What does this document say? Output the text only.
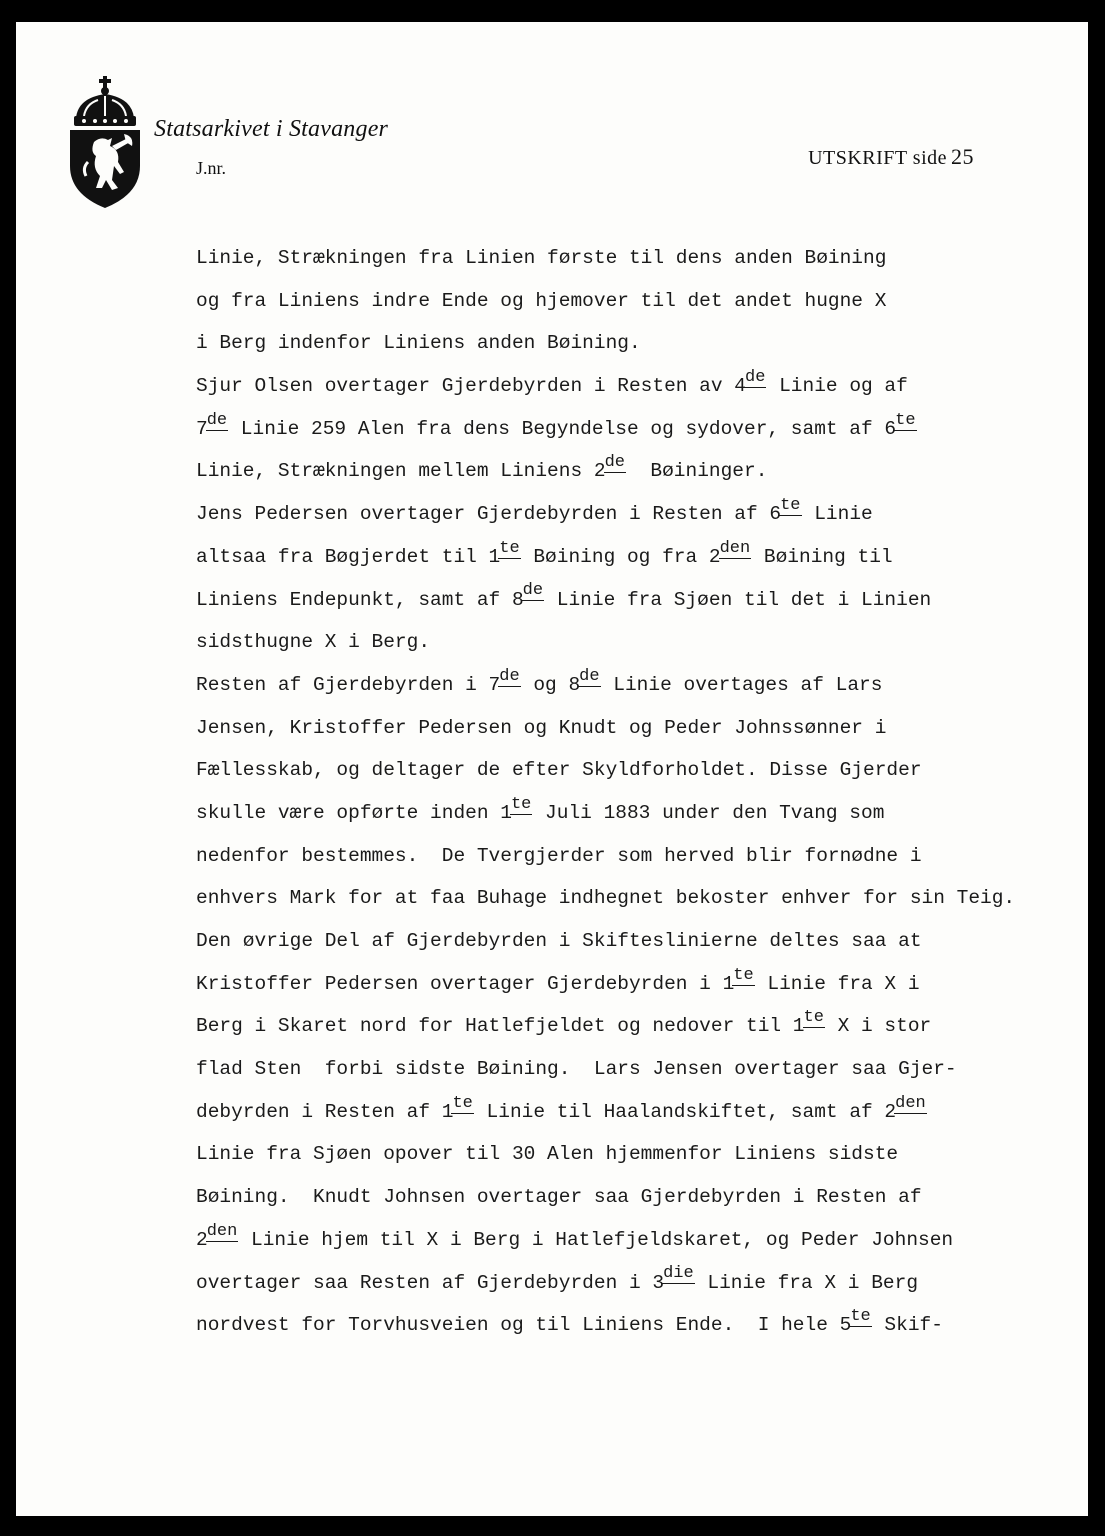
Statsarkivet i Stavanger
J.nr.	UTSKRIFT side 25
Linie, Strækningen fra Linien første til dens anden Bøining
og fra Liniens indre Ende og hjemover til det andet hugne X
i Berg indenfor Liniens anden Bøining.
Sjur Olsen overtager Gjerdebyrden i Resten av 4de Linie og af
7de Linie 259 Alen fra dens Begyndelse og sydover, samt af 6te
Linie, Strækningen mellem Liniens 2de  Bøininger.
Jens Pedersen overtager Gjerdebyrden i Resten af 6te Linie
altsaa fra Bøgjerdet til 1te Bøining og fra 2den Bøining til
Liniens Endepunkt, samt af 8de Linie fra Sjøen til det i Linien
sidsthugne X i Berg.
Resten af Gjerdebyrden i 7de og 8de Linie overtages af Lars
Jensen, Kristoffer Pedersen og Knudt og Peder Johnssønner i
Fællesskab, og deltager de efter Skyldforholdet. Disse Gjerder
skulle være opførte inden 1te Juli 1883 under den Tvang som
nedenfor bestemmes.  De Tvergjerder som herved blir fornødne i
enhvers Mark for at faa Buhage indhegnet bekoster enhver for sin Teig.
Den øvrige Del af Gjerdebyrden i Skifteslinierne deltes saa at
Kristoffer Pedersen overtager Gjerdebyrden i 1te Linie fra X i
Berg i Skaret nord for Hatlefjeldet og nedover til 1te X i stor
flad Sten  forbi sidste Bøining.  Lars Jensen overtager saa Gjer-
debyrden i Resten af 1te Linie til Haalandskiftet, samt af 2den
Linie fra Sjøen opover til 30 Alen hjemmenfor Liniens sidste
Bøining.  Knudt Johnsen overtager saa Gjerdebyrden i Resten af
2den Linie hjem til X i Berg i Hatlefjeldskaret, og Peder Johnsen
overtager saa Resten af Gjerdebyrden i 3die Linie fra X i Berg
nordvest for Torvhusveien og til Liniens Ende.  I hele 5te Skif-
